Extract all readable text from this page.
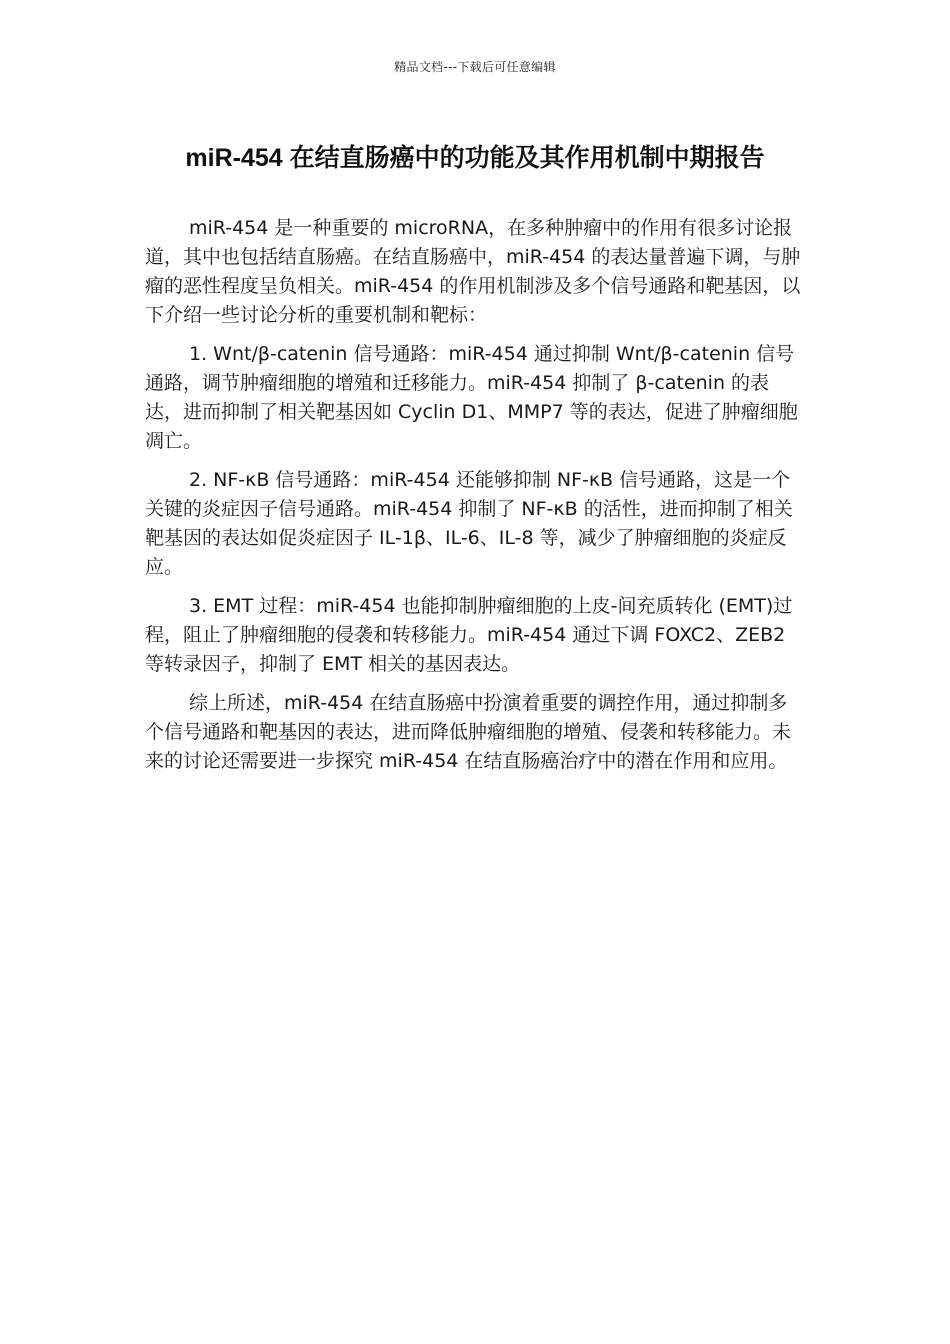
精品文档---下载后可任意编辑
miR-454 在结直肠癌中的功能及其作用机制中期报告

miR-454 是一种重要的 microRNA，在多种肿瘤中的作用有很多讨论报道，其中也包括结直肠癌。在结直肠癌中，miR-454 的表达量普遍下调，与肿瘤的恶性程度呈负相关。miR-454 的作用机制涉及多个信号通路和靶基因，以下介绍一些讨论分析的重要机制和靶标：

1. Wnt/β-catenin 信号通路：miR-454 通过抑制 Wnt/β-catenin 信号通路，调节肿瘤细胞的增殖和迁移能力。miR-454 抑制了 β-catenin 的表达，进而抑制了相关靶基因如 Cyclin D1、MMP7 等的表达，促进了肿瘤细胞凋亡。

2. NF-κB 信号通路：miR-454 还能够抑制 NF-κB 信号通路，这是一个关键的炎症因子信号通路。miR-454 抑制了 NF-κB 的活性，进而抑制了相关靶基因的表达如促炎症因子 IL-1β、IL-6、IL-8 等，减少了肿瘤细胞的炎症反应。

3. EMT 过程：miR-454 也能抑制肿瘤细胞的上皮-间充质转化 (EMT)过程，阻止了肿瘤细胞的侵袭和转移能力。miR-454 通过下调 FOXC2、ZEB2 等转录因子，抑制了 EMT 相关的基因表达。

综上所述，miR-454 在结直肠癌中扮演着重要的调控作用，通过抑制多个信号通路和靶基因的表达，进而降低肿瘤细胞的增殖、侵袭和转移能力。未来的讨论还需要进一步探究 miR-454 在结直肠癌治疗中的潜在作用和应用。
